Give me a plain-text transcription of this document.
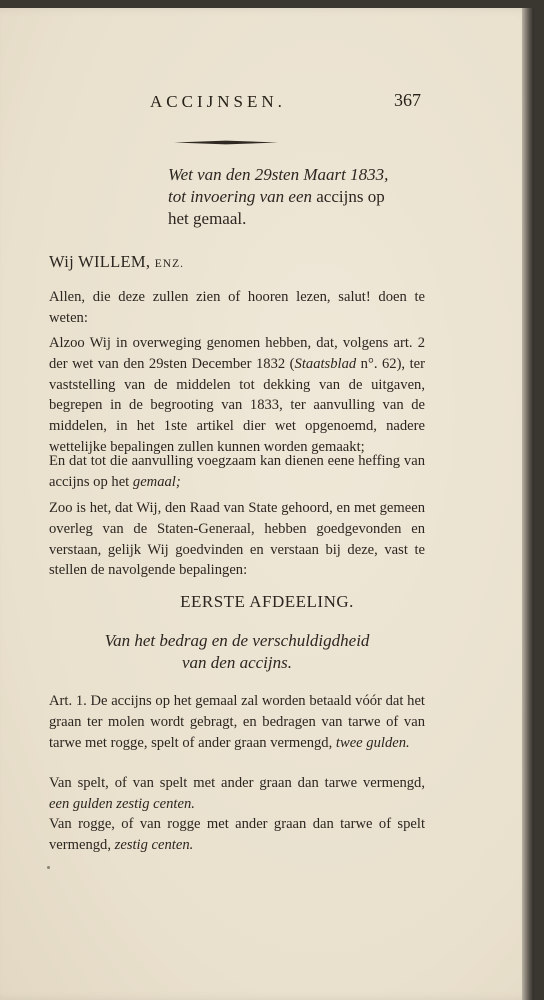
ACCIJNSEN.	367
Wet van den 29sten Maart 1833,
tot invoering van een accijns op
het gemaal.
Wij WILLEM, ENZ.

Allen, die deze zullen zien of hooren lezen, salut! doen te weten:

Alzoo Wij in overweging genomen hebben, dat, volgens art. 2 der wet van den 29sten December 1832 (Staatsblad n°. 62), ter vaststelling van de middelen tot dekking van de uitgaven, begrepen in de begrooting van 1833, ter aanvulling van de middelen, in het 1ste artikel dier wet opgenoemd, nadere wettelijke bepalingen zullen kunnen worden gemaakt;

En dat tot die aanvulling voegzaam kan dienen eene heffing van accijns op het gemaal;

Zoo is het, dat Wij, den Raad van State gehoord, en met gemeen overleg van de Staten-Generaal, hebben goedgevonden en verstaan, gelijk Wij goedvinden en verstaan bij deze, vast te stellen de navolgende bepalingen:

EERSTE AFDEELING.
Van het bedrag en de verschuldigdheid
van den accijns.

Art. 1. De accijns op het gemaal zal worden betaald vóór dat het graan ter molen wordt gebragt, en bedragen van tarwe of van tarwe met rogge, spelt of ander graan vermengd, twee gulden.

Van spelt, of van spelt met ander graan dan tarwe vermengd, een gulden zestig centen.

Van rogge, of van rogge met ander graan dan tarwe of spelt vermengd, zestig centen.
